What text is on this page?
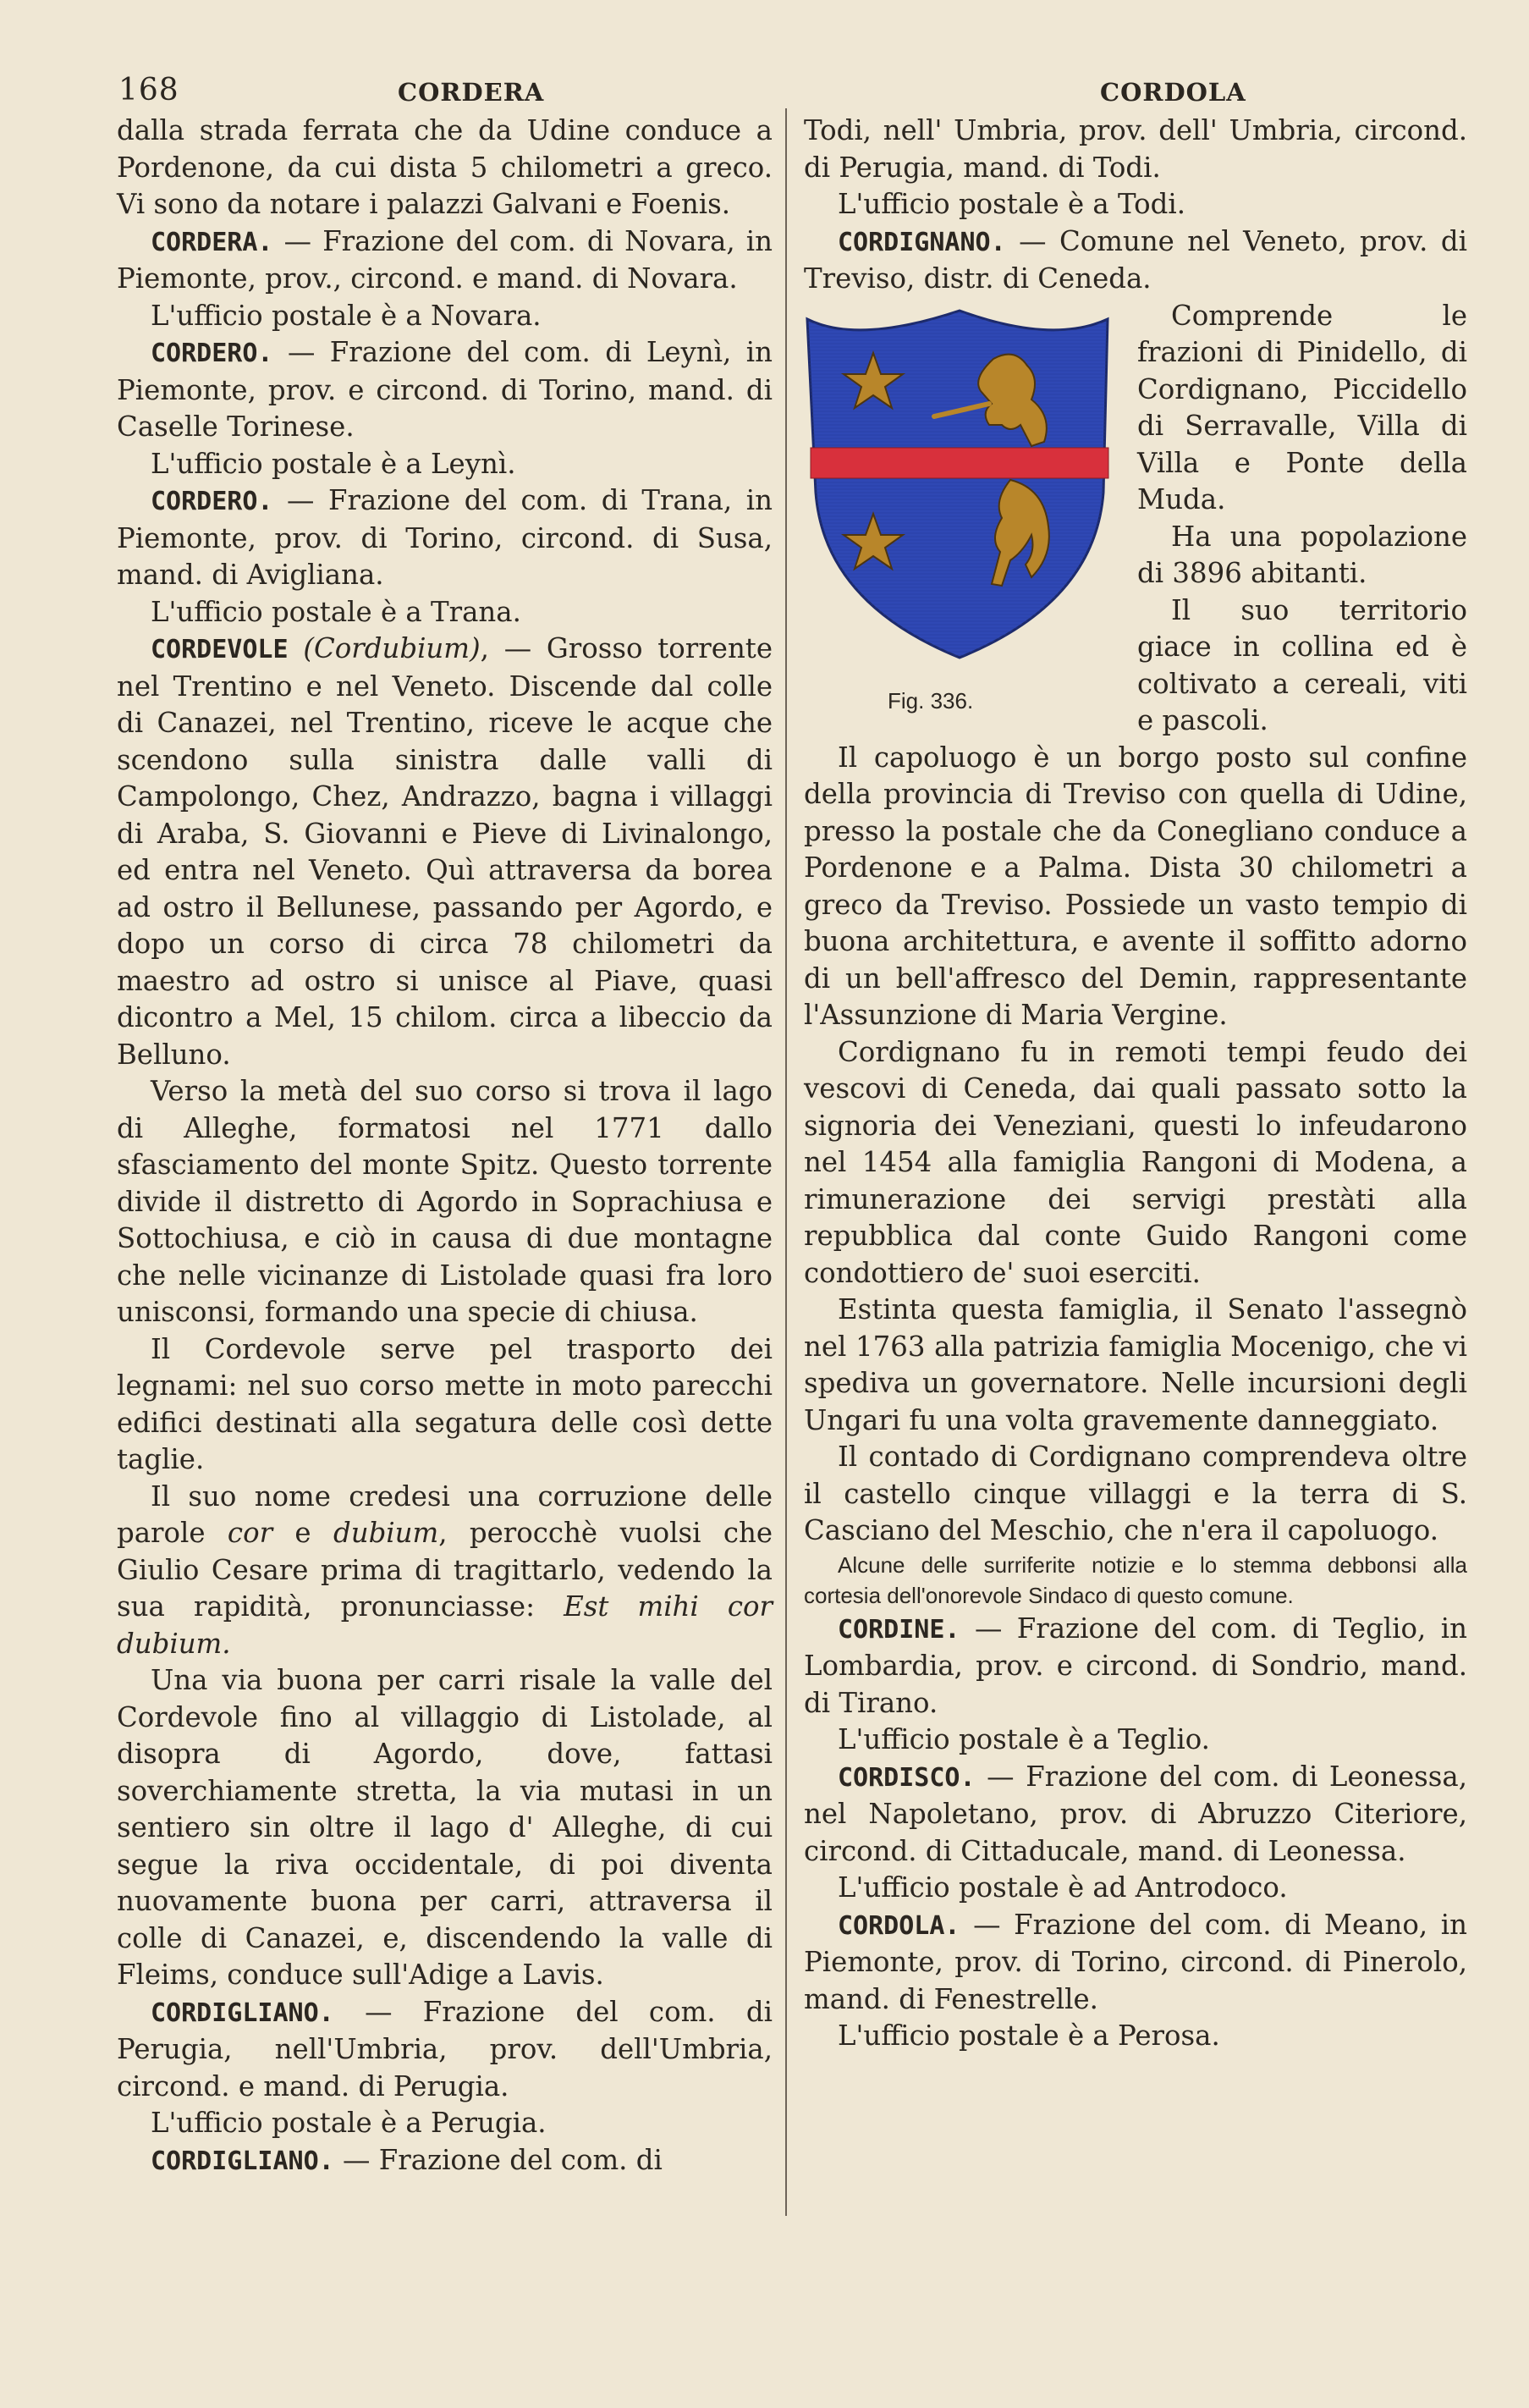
168	CORDERA	CORDOLA

dalla strada ferrata che da Udine conduce a Pordenone, da cui dista 5 chilometri a greco. Vi sono da notare i palazzi Galvani e Foenis.

CORDERA. — Frazione del com. di Novara, in Piemonte, prov., circond. e mand. di Novara.

L'ufficio postale è a Novara.

CORDERO. — Frazione del com. di Leynì, in Piemonte, prov. e circond. di Torino, mand. di Caselle Torinese.

L'ufficio postale è a Leynì.

CORDERO. — Frazione del com. di Trana, in Piemonte, prov. di Torino, circond. di Susa, mand. di Avigliana.

L'ufficio postale è a Trana.

CORDEVOLE (Cordubium), — Grosso torrente nel Trentino e nel Veneto. Discende dal colle di Canazei, nel Trentino, riceve le acque che scendono sulla sinistra dalle valli di Campolongo, Chez, Andrazzo, bagna i villaggi di Araba, S. Giovanni e Pieve di Livinalongo, ed entra nel Veneto. Quì attraversa da borea ad ostro il Bellunese, passando per Agordo, e dopo un corso di circa 78 chilometri da maestro ad ostro si unisce al Piave, quasi dicontro a Mel, 15 chilom. circa a libeccio da Belluno.

Verso la metà del suo corso si trova il lago di Alleghe, formatosi nel 1771 dallo sfasciamento del monte Spitz. Questo torrente divide il distretto di Agordo in Soprachiusa e Sottochiusa, e ciò in causa di due montagne che nelle vicinanze di Listolade quasi fra loro unisconsi, formando una specie di chiusa.

Il Cordevole serve pel trasporto dei legnami: nel suo corso mette in moto parecchi edifici destinati alla segatura delle così dette taglie.

Il suo nome credesi una corruzione delle parole cor e dubium, perocchè vuolsi che Giulio Cesare prima di tragittarlo, vedendo la sua rapidità, pronunciasse: Est mihi cor dubium.

Una via buona per carri risale la valle del Cordevole fino al villaggio di Listolade, al disopra di Agordo, dove, fattasi soverchiamente stretta, la via mutasi in un sentiero sin oltre il lago d' Alleghe, di cui segue la riva occidentale, di poi diventa nuovamente buona per carri, attraversa il colle di Canazei, e, discendendo la valle di Fleims, conduce sull'Adige a Lavis.

CORDIGLIANO. — Frazione del com. di Perugia, nell'Umbria, prov. dell'Umbria, circond. e mand. di Perugia.

L'ufficio postale è a Perugia.

CORDIGLIANO. — Frazione del com. di

Todi, nell' Umbria, prov. dell' Umbria, circond. di Perugia, mand. di Todi.

L'ufficio postale è a Todi.

CORDIGNANO. — Comune nel Veneto, prov. di Treviso, distr. di Ceneda.

Fig. 336.

Comprende le frazioni di Pinidello, di Cordignano, Piccidello di Serravalle, Villa di Villa e Ponte della Muda.

Ha una popolazione di 3896 abitanti.

Il suo territorio giace in collina ed è coltivato a cereali, viti e pascoli.

Il capoluogo è un borgo posto sul confine della provincia di Treviso con quella di Udine, presso la postale che da Conegliano conduce a Pordenone e a Palma. Dista 30 chilometri a greco da Treviso. Possiede un vasto tempio di buona architettura, e avente il soffitto adorno di un bell'affresco del Demin, rappresentante l'Assunzione di Maria Vergine.

Cordignano fu in remoti tempi feudo dei vescovi di Ceneda, dai quali passato sotto la signoria dei Veneziani, questi lo infeudarono nel 1454 alla famiglia Rangoni di Modena, a rimunerazione dei servigi prestàti alla repubblica dal conte Guido Rangoni come condottiero de' suoi eserciti.

Estinta questa famiglia, il Senato l'assegnò nel 1763 alla patrizia famiglia Mocenigo, che vi spediva un governatore. Nelle incursioni degli Ungari fu una volta gravemente danneggiato.

Il contado di Cordignano comprendeva oltre il castello cinque villaggi e la terra di S. Casciano del Meschio, che n'era il capoluogo.

Alcune delle surriferite notizie e lo stemma debbonsi alla cortesia dell'onorevole Sindaco di questo comune.

CORDINE. — Frazione del com. di Teglio, in Lombardia, prov. e circond. di Sondrio, mand. di Tirano.

L'ufficio postale è a Teglio.

CORDISCO. — Frazione del com. di Leonessa, nel Napoletano, prov. di Abruzzo Citeriore, circond. di Cittaducale, mand. di Leonessa.

L'ufficio postale è ad Antrodoco.

CORDOLA. — Frazione del com. di Meano, in Piemonte, prov. di Torino, circond. di Pinerolo, mand. di Fenestrelle.

L'ufficio postale è a Perosa.
